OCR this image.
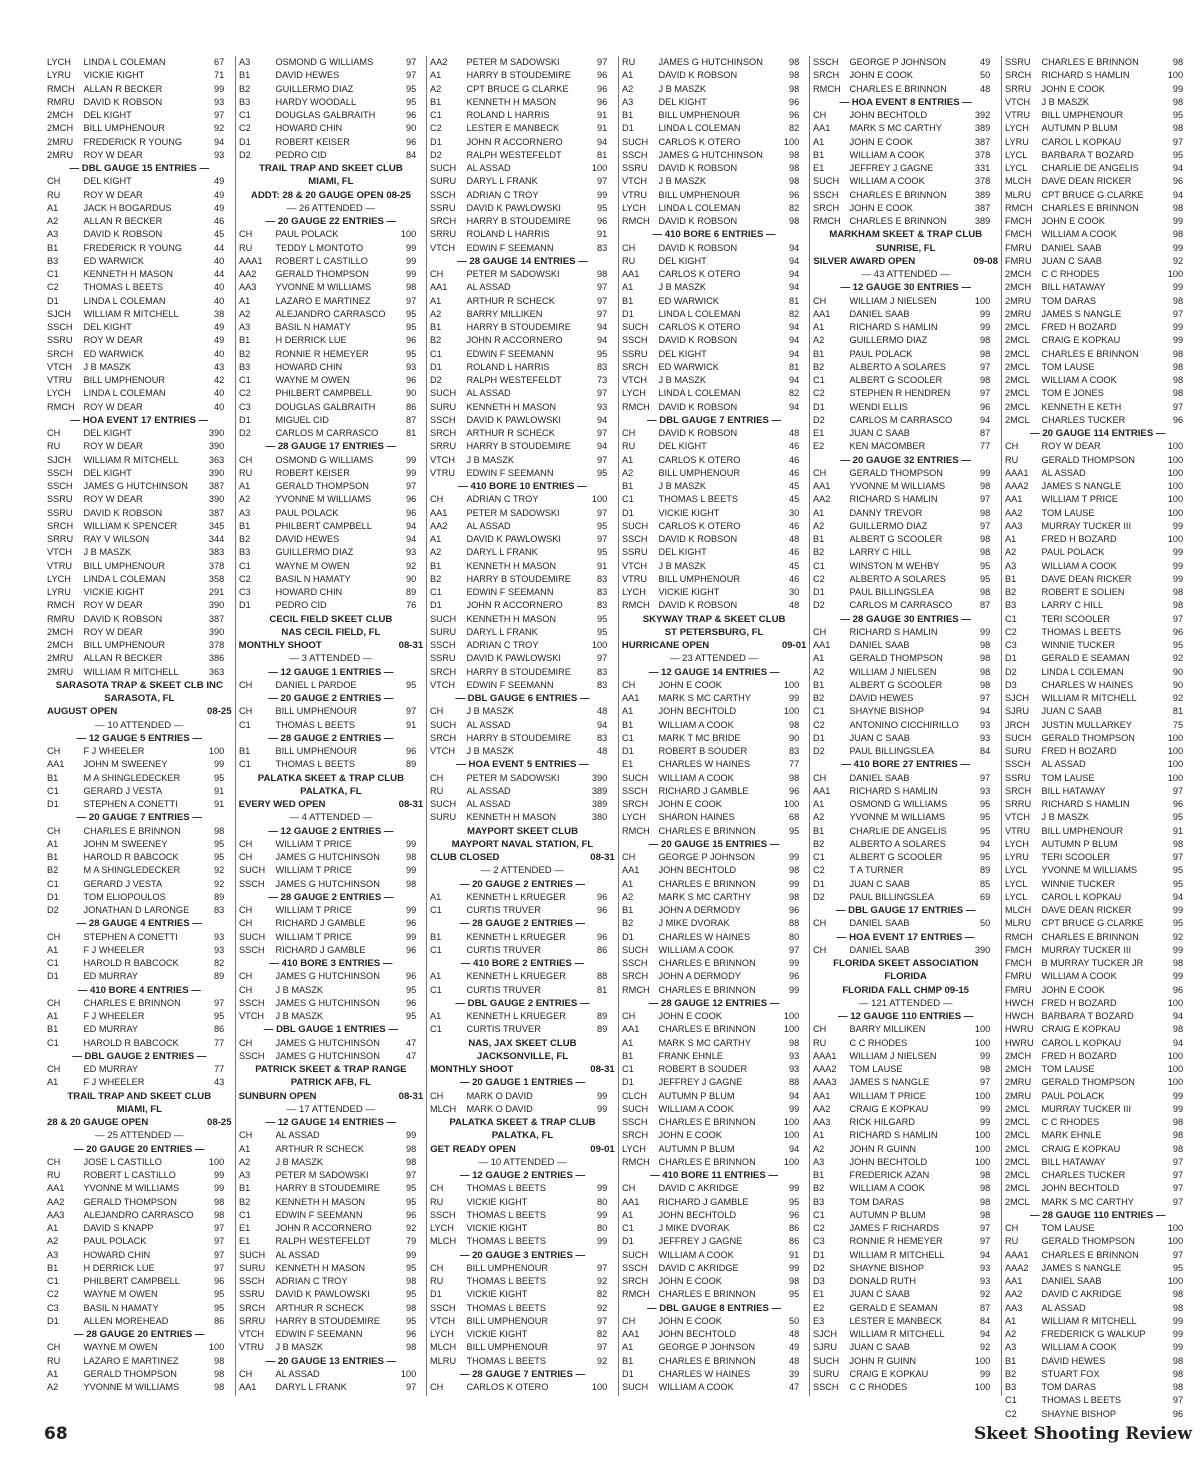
LYCH	LINDA L COLEMAN	67
LYRU	VICKIE KIGHT	71
RMCH ALLAN R BECKER	99
RMRU DAVID K ROBSON	93
2MCH	DEL KIGHT	97
2MCH	BILL UMPHENOUR	92
2MRU	FREDERICK R YOUNG	94
2MRU	ROY W DEAR	93
— DBL GAUGE 15 ENTRIES —
CH	DEL KIGHT	49
RU	ROY W DEAR	49
A1	JACK H BOGARDUS	49
A2	ALLAN R BECKER	46
A3	DAVID K ROBSON	45
B1	FREDERICK R YOUNG	44
B3	ED WARWICK	40
C1	KENNETH H MASON	44
C2	THOMAS L BEETS	40
D1	LINDA L COLEMAN	40
SJCH	WILLIAM R MITCHELL	38
SSCH	DEL KIGHT	49
SSRU	ROY W DEAR	49
SRCH	ED WARWICK	40
VTCH	J B MASZK	43
VTRU	BILL UMPHENOUR	42
LYCH	LINDA L COLEMAN	40
RMCH ROY W DEAR	40
— HOA EVENT 17 ENTRIES —
CH	DEL KIGHT	390
RU	ROY W DEAR	390
SJCH	WILLIAM R MITCHELL	363
SSCH	DEL KIGHT	390
SSCH	JAMES G HUTCHINSON	387
SSRU	ROY W DEAR	390
SSRU	DAVID K ROBSON	387
SRCH	WILLIAM K SPENCER	345
SRRU	RAY V WILSON	344
VTCH	J B MASZK	383
VTRU	BILL UMPHENOUR	378
LYCH	LINDA L COLEMAN	358
LYRU	VICKIE KIGHT	291
RMCH ROY W DEAR	390
RMRU DAVID K ROBSON	387
2MCH	ROY W DEAR	390
2MCH	BILL UMPHENOUR	378
2MRU	ALLAN R BECKER	386
2MRU	WILLIAM R MITCHELL	363
SARASOTA TRAP & SKEET CLB INC
SARASOTA, FL
AUGUST OPEN	08-25
— 10 ATTENDED —
— 12 GAUGE 5 ENTRIES —
CH	F J WHEELER	100
AA1	JOHN M SWEENEY	99
B1	M A SHINGLEDECKER	95
C1	GERARD J VESTA	91
D1	STEPHEN A CONETTI	91
— 20 GAUGE 7 ENTRIES —
CH	CHARLES E BRINNON	98
A1	JOHN M SWEENEY	95
B1	HAROLD R BABCOCK	95
B2	M A SHINGLEDECKER	92
C1	GERARD J VESTA	92
D1	TOM ELIOPOULOS	89
D2	JONATHAN D LARONGE	83
— 28 GAUGE 4 ENTRIES —
CH	STEPHEN A CONETTI	93
A1	F J WHEELER	93
C1	HAROLD R BABCOCK	82
D1	ED MURRAY	89
— 410 BORE 4 ENTRIES —
CH	CHARLES E BRINNON	97
A1	F J WHEELER	95
B1	ED MURRAY	86
C1	HAROLD R BABCOCK	77
— DBL GAUGE 2 ENTRIES —
CH	ED MURRAY	77
A1	F J WHEELER	43
TRAIL TRAP AND SKEET CLUB
MIAMI, FL
28 & 20 GAUGE OPEN	08-25
— 25 ATTENDED —
— 20 GAUGE 20 ENTRIES —
CH	JOSE L CASTILLO	100
RU	ROBERT L CASTILLO	99
AA1	YVONNE M WILLIAMS	99
AA2	GERALD THOMPSON	98
AA3	ALEJANDRO CARRASCO	98
A1	DAVID S KNAPP	97
A2	PAUL POLACK	97
A3	HOWARD CHIN	97
B1	H DERRICK LUE	97
C1	PHILBERT CAMPBELL	96
C2	WAYNE M OWEN	95
C3	BASIL N HAMATY	95
D1	ALLEN MOREHEAD	86
— 28 GAUGE 20 ENTRIES —
CH	WAYNE M OWEN	100
RU	LAZARO E MARTINEZ	98
A1	GERALD THOMPSON	98
A2	YVONNE M WILLIAMS	98
A3	OSMOND G WILLIAMS	97
B1	DAVID HEWES	97
B2	GUILLERMO DIAZ	95
B3	HARDY WOODALL	95
C1	DOUGLAS GALBRAITH	96
C2	HOWARD CHIN	90
D1	ROBERT KEISER	96
D2	PEDRO CID	84
TRAIL TRAP AND SKEET CLUB
MIAMI, FL
ADDT: 28 & 20 GAUGE OPEN 08-25
— 26 ATTENDED —
— 20 GAUGE 22 ENTRIES —
CH	PAUL POLACK	100
RU	TEDDY L MONTOTO	99
AAA1	ROBERT L CASTILLO	99
AA2	GERALD THOMPSON	99
AA3	YVONNE M WILLIAMS	98
A1	LAZARO E MARTINEZ	97
A2	ALEJANDRO CARRASCO	95
A3	BASIL N HAMATY	95
B1	H DERRICK LUE	96
B2	RONNIE R HEMEYER	95
B3	HOWARD CHIN	93
C1	WAYNE M OWEN	96
C2	PHILBERT CAMPBELL	90
C3	DOUGLAS GALBRAITH	86
D1	MIGUEL CID	87
D2	CARLOS M CARRASCO	81
— 28 GAUGE 17 ENTRIES —
CH	OSMOND G WILLIAMS	99
RU	ROBERT KEISER	99
A1	GERALD THOMPSON	97
A2	YVONNE M WILLIAMS	96
A3	PAUL POLACK	96
B1	PHILBERT CAMPBELL	94
B2	DAVID HEWES	94
B3	GUILLERMO DIAZ	93
C1	WAYNE M OWEN	92
C2	BASIL N HAMATY	90
C3	HOWARD CHIN	89
D1	PEDRO CID	76
CECIL FIELD SKEET CLUB
NAS CECIL FIELD, FL
MONTHLY SHOOT	08-31
— 3 ATTENDED —
— 12 GAUGE 1 ENTRIES —
CH	DANIEL L PARDOE	95
— 20 GAUGE 2 ENTRIES —
CH	BILL UMPHENOUR	97
C1	THOMAS L BEETS	91
— 28 GAUGE 2 ENTRIES —
B1	BILL UMPHENOUR	96
C1	THOMAS L BEETS	89
PALATKA SKEET & TRAP CLUB
PALATKA, FL
EVERY WED OPEN	08-31
— 4 ATTENDED —
— 12 GAUGE 2 ENTRIES —
CH	WILLIAM T PRICE	99
CH	JAMES G HUTCHINSON	98
SUCH	WILLIAM T PRICE	99
SSCH	JAMES G HUTCHINSON	98
— 28 GAUGE 2 ENTRIES —
CH	WILLIAM T PRICE	99
CH	RICHARD J GAMBLE	96
SUCH	WILLIAM T PRICE	99
SSCH	RICHARD J GAMBLE	96
— 410 BORE 3 ENTRIES —
CH	JAMES G HUTCHINSON	96
CH	J B MASZK	95
SSCH	JAMES G HUTCHINSON	96
VTCH	J B MASZK	95
— DBL GAUGE 1 ENTRIES —
CH	JAMES G HUTCHINSON	47
SSCH	JAMES G HUTCHINSON	47
PATRICK SKEET & TRAP RANGE
PATRICK AFB, FL
SUNBURN OPEN	08-31
— 17 ATTENDED —
— 12 GAUGE 14 ENTRIES —
CH	AL ASSAD	99
A1	ARTHUR R SCHECK	98
A2	J B MASZK	98
A3	PETER M SADOWSKI	97
B1	HARRY B STOUDEMIRE	95
B2	KENNETH H MASON	95
C1	EDWIN F SEEMANN	96
E1	JOHN R ACCORNERO	92
E1	RALPH WESTEFELDT	79
SUCH	AL ASSAD	99
SURU	KENNETH H MASON	95
SSCH	ADRIAN C TROY	98
SSRU	DAVID K PAWLOWSKI	95
SRCH	ARTHUR R SCHECK	98
SRRU	HARRY B STOUDEMIRE	95
VTCH	EDWIN F SEEMANN	96
VTRU	J B MASZK	98
— 20 GAUGE 13 ENTRIES —
CH	AL ASSAD	100
AA1	DARYL L FRANK	97
AA2	PETER M SADOWSKI	97
A1	HARRY B STOUDEMIRE	96
A2	CPT BRUCE G CLARKE	96
B1	KENNETH H MASON	96
C1	ROLAND L HARRIS	91
C2	LESTER E MANBECK	91
D1	JOHN R ACCORNERO	94
D2	RALPH WESTEFELDT	81
SUCH	AL ASSAD	100
SURU	DARYL L FRANK	97
SSCH	ADRIAN C TROY	99
SSRU	DAVID K PAWLOWSKI	95
SRCH	HARRY B STOUDEMIRE	96
SRRU	ROLAND L HARRIS	91
VTCH	EDWIN F SEEMANN	83
— 28 GAUGE 14 ENTRIES —
CH	PETER M SADOWSKI	98
AA1	AL ASSAD	97
A1	ARTHUR R SCHECK	97
A2	BARRY MILLIKEN	97
B1	HARRY B STOUDEMIRE	94
B2	JOHN R ACCORNERO	94
C1	EDWIN F SEEMANN	95
D1	ROLAND L HARRIS	83
D2	RALPH WESTEFELDT	73
SUCH	AL ASSAD	97
SURU	KENNETH H MASON	93
SSCH	DAVID K PAWLOWSKI	94
SRCH	ARTHUR R SCHECK	97
SRRU	HARRY B STOUDEMIRE	94
VTCH	J B MASZK	97
VTRU	EDWIN F SEEMANN	95
— 410 BORE 10 ENTRIES —
CH	ADRIAN C TROY	100
AA1	PETER M SADOWSKI	97
AA2	AL ASSAD	95
A1	DAVID K PAWLOWSKI	97
A2	DARYL L FRANK	95
B1	KENNETH H MASON	91
B2	HARRY B STOUDEMIRE	83
C1	EDWIN F SEEMANN	83
D1	JOHN R ACCORNERO	83
SUCH	KENNETH H MASON	95
SURU	DARYL L FRANK	95
SSCH	ADRIAN C TROY	100
SSRU	DAVID K PAWLOWSKI	97
SRCH	HARRY B STOUDEMIRE	83
VTCH	EDWIN F SEEMANN	83
— DBL GAUGE 6 ENTRIES —
CH	J B MASZK	48
SUCH	AL ASSAD	94
SRCH	HARRY B STOUDEMIRE	83
VTCH	J B MASZK	48
— HOA EVENT 5 ENTRIES —
CH	PETER M SADOWSKI	390
RU	AL ASSAD	389
SUCH	AL ASSAD	389
SURU	KENNETH H MASON	380
MAYPORT SKEET CLUB
MAYPORT NAVAL STATION, FL
CLUB CLOSED	08-31
— 2 ATTENDED —
— 20 GAUGE 2 ENTRIES —
A1	KENNETH L KRUEGER	96
C1	CURTIS TRUVER	96
— 28 GAUGE 2 ENTRIES —
B1	KENNETH L KRUEGER	96
C1	CURTIS TRUVER	86
— 410 BORE 2 ENTRIES —
A1	KENNETH L KRUEGER	88
C1	CURTIS TRUVER	81
— DBL GAUGE 2 ENTRIES —
A1	KENNETH L KRUEGER	89
C1	CURTIS TRUVER	89
NAS, JAX SKEET CLUB
JACKSONVILLE, FL
MONTHLY SHOOT	08-31
— 20 GAUGE 1 ENTRIES —
CH	MARK O DAVID	99
MLCH	MARK O DAVID	99
PALATKA SKEET & TRAP CLUB
PALATKA, FL
GET READY OPEN	09-01
— 10 ATTENDED —
— 12 GAUGE 2 ENTRIES —
CH	THOMAS L BEETS	99
RU	VICKIE KIGHT	80
SSCH	THOMAS L BEETS	99
LYCH	VICKIE KIGHT	80
MLCH	THOMAS L BEETS	99
— 20 GAUGE 3 ENTRIES —
CH	BILL UMPHENOUR	97
RU	THOMAS L BEETS	92
D1	VICKIE KIGHT	82
SSCH	THOMAS L BEETS	92
VTCH	BILL UMPHENOUR	97
LYCH	VICKIE KIGHT	82
MLCH	BILL UMPHENOUR	97
MLRU	THOMAS L BEETS	92
— 28 GAUGE 7 ENTRIES —
CH	CARLOS K OTERO	100
RU	JAMES G HUTCHINSON	98
A1	DAVID K ROBSON	98
A2	J B MASZK	98
A3	DEL KIGHT	96
B1	BILL UMPHENOUR	96
D1	LINDA L COLEMAN	82
SUCH	CARLOS K OTERO	100
SSCH	JAMES G HUTCHINSON	98
SSRU	DAVID K ROBSON	98
VTCH	J B MASZK	98
VTRU	BILL UMPHENOUR	96
LYCH	LINDA L COLEMAN	82
RMCH DAVID K ROBSON	98
— 410 BORE 6 ENTRIES —
CH	DAVID K ROBSON	94
RU	DEL KIGHT	94
AA1	CARLOS K OTERO	94
A1	J B MASZK	94
B1	ED WARWICK	81
D1	LINDA L COLEMAN	82
SUCH	CARLOS K OTERO	94
SSCH	DAVID K ROBSON	94
SSRU	DEL KIGHT	94
SRCH	ED WARWICK	81
VTCH	J B MASZK	94
LYCH	LINDA L COLEMAN	82
RMCH DAVID K ROBSON	94
— DBL GAUGE 7 ENTRIES —
CH	DAVID K ROBSON	48
RU	DEL KIGHT	46
A1	CARLOS K OTERO	46
A2	BILL UMPHENOUR	46
B1	J B MASZK	45
C1	THOMAS L BEETS	45
D1	VICKIE KIGHT	30
SUCH	CARLOS K OTERO	46
SSCH	DAVID K ROBSON	48
SSRU	DEL KIGHT	46
VTCH	J B MASZK	45
VTRU	BILL UMPHENOUR	46
LYCH	VICKIE KIGHT	30
RMCH DAVID K ROBSON	48
SKYWAY TRAP & SKEET CLUB
ST PETERSBURG, FL
HURRICANE OPEN	09-01
— 23 ATTENDED —
— 12 GAUGE 14 ENTRIES —
CH	JOHN E COOK	100
AA1	MARK S MC CARTHY	99
A1	JOHN BECHTOLD	100
B1	WILLIAM A COOK	98
C1	MARK T MC BRIDE	90
D1	ROBERT B SOUDER	83
E1	CHARLES W HAINES	77
SUCH	WILLIAM A COOK	98
SSCH	RICHARD J GAMBLE	96
SRCH	JOHN E COOK	100
LYCH	SHARON HAINES	68
RMCH CHARLES E BRINNON	95
— 20 GAUGE 15 ENTRIES —
CH	GEORGE P JOHNSON	99
AA1	JOHN BECHTOLD	98
A1	CHARLES E BRINNON	99
A2	MARK S MC CARTHY	98
B1	JOHN A DERMODY	96
B2	J MIKE DVORAK	88
D1	CHARLES W HAINES	80
SUCH	WILLIAM A COOK	97
SSCH	CHARLES E BRINNON	99
SRCH	JOHN A DERMODY	96
RMCH CHARLES E BRINNON	99
— 28 GAUGE 12 ENTRIES —
CH	JOHN E COOK	100
AA1	CHARLES E BRINNON	100
A1	MARK S MC CARTHY	98
B1	FRANK EHNLE	93
C1	ROBERT B SOUDER	93
D1	JEFFREY J GAGNE	88
CLCH	AUTUMN P BLUM	94
SUCH	WILLIAM A COOK	99
SSCH	CHARLES E BRINNON	100
SRCH	JOHN E COOK	100
LYCH	AUTUMN P BLUM	94
RMCH CHARLES E BRINNON	100
— 410 BORE 11 ENTRIES —
CH	DAVID C AKRIDGE	99
AA1	RICHARD J GAMBLE	95
A1	JOHN BECHTOLD	96
C1	J MIKE DVORAK	86
D1	JEFFREY J GAGNE	86
SUCH	WILLIAM A COOK	91
SSCH	DAVID C AKRIDGE	99
SRCH	JOHN E COOK	98
RMCH CHARLES E BRINNON	95
— DBL GAUGE 8 ENTRIES —
CH	JOHN E COOK	50
AA1	JOHN BECHTOLD	48
A1	GEORGE P JOHNSON	49
B1	CHARLES E BRINNON	48
D1	CHARLES W HAINES	39
SUCH	WILLIAM A COOK	47
SSCH	GEORGE P JOHNSON	49
SRCH	JOHN E COOK	50
RMCH CHARLES E BRINNON	48
— HOA EVENT 8 ENTRIES —
CH	JOHN BECHTOLD	392
AA1	MARK S MC CARTHY	389
A1	JOHN E COOK	387
B1	WILLIAM A COOK	378
E1	JEFFREY J GAGNE	331
SUCH	WILLIAM A COOK	378
SSCH	CHARLES E BRINNON	389
SRCH	JOHN E COOK	387
RMCH CHARLES E BRINNON	389
MARKHAM SKEET & TRAP CLUB
SUNRISE, FL
SILVER AWARD OPEN	09-08
— 43 ATTENDED —
— 12 GAUGE 30 ENTRIES —
CH	WILLIAM J NIELSEN	100
AA1	DANIEL SAAB	99
A1	RICHARD S HAMLIN	99
A2	GUILLERMO DIAZ	98
B1	PAUL POLACK	98
B2	ALBERTO A SOLARES	97
C1	ALBERT G SCOOLER	98
C2	STEPHEN R HENDREN	97
D1	WENDI ELLIS	96
D2	CARLOS M CARRASCO	94
E1	JUAN C SAAB	87
E2	KEN MACOMBER	77
— 20 GAUGE 32 ENTRIES —
CH	GERALD THOMPSON	99
AA1	YVONNE M WILLIAMS	98
AA2	RICHARD S HAMLIN	97
A1	DANNY TREVOR	98
A2	GUILLERMO DIAZ	97
B1	ALBERT G SCOOLER	98
B2	LARRY C HILL	98
C1	WINSTON M WEHBY	95
C2	ALBERTO A SOLARES	95
D1	PAUL BILLINGSLEA	98
D2	CARLOS M CARRASCO	87
— 28 GAUGE 30 ENTRIES —
CH	RICHARD S HAMLIN	99
AA1	DANIEL SAAB	98
A1	GERALD THOMPSON	98
A2	WILLIAM J NIELSEN	98
B1	ALBERT G SCOOLER	98
B2	DAVID HEWES	97
C1	SHAYNE BISHOP	94
C2	ANTONINO CICCHIRILLO	93
D1	JUAN C SAAB	93
D2	PAUL BILLINGSLEA	84
— 410 BORE 27 ENTRIES —
CH	DANIEL SAAB	97
AA1	RICHARD S HAMLIN	93
A1	OSMOND G WILLIAMS	95
A2	YVONNE M WILLIAMS	95
B1	CHARLIE DE ANGELIS	95
B2	ALBERTO A SOLARES	94
C1	ALBERT G SCOOLER	95
C2	T A TURNER	89
D1	JUAN C SAAB	85
D2	PAUL BILLINGSLEA	69
— DBL GAUGE 17 ENTRIES —
CH	DANIEL SAAB	50
— HOA EVENT 17 ENTRIES —
CH	DANIEL SAAB	390
FLORIDA SKEET ASSOCIATION
FLORIDA
FLORIDA FALL CHMP 09-15
— 121 ATTENDED —
— 12 GAUGE 110 ENTRIES —
CH	BARRY MILLIKEN	100
RU	C C RHODES	100
AAA1	WILLIAM J NIELSEN	99
AAA2	TOM LAUSE	98
AAA3	JAMES S NANGLE	97
AA1	WILLIAM T PRICE	100
AA2	CRAIG E KOPKAU	99
AA3	RICK HILGARD	99
A1	RICHARD S HAMLIN	100
A2	JOHN R GUINN	100
A3	JOHN BECHTOLD	100
B1	FREDERICK AZAN	98
B2	WILLIAM A COOK	98
B3	TOM DARAS	98
C1	AUTUMN P BLUM	98
C2	JAMES F RICHARDS	97
C3	RONNIE R HEMEYER	97
D1	WILLIAM R MITCHELL	94
D2	SHAYNE BISHOP	93
D3	DONALD RUTH	93
E1	JUAN C SAAB	92
E2	GERALD E SEAMAN	87
E3	LESTER E MANBECK	84
SJCH	WILLIAM R MITCHELL	94
SJRU	JUAN C SAAB	92
SUCH	JOHN R GUINN	100
SURU	CRAIG E KOPKAU	99
SSCH	C C RHODES	100
SSRU	CHARLES E BRINNON	98
SRCH	RICHARD S HAMLIN	100
SRRU	JOHN E COOK	99
VTCH	J B MASZK	98
VTRU	BILL UMPHENOUR	95
LYCH	AUTUMN P BLUM	98
LYRU	CAROL L KOPKAU	97
LYCL	BARBARA T BOZARD	95
LYCL	CHARLIE DE ANGELIS	94
MLCH	DAVE DEAN RICKER	96
MLRU	CPT BRUCE G CLARKE	94
RMCH CHARLES E BRINNON	98
FMCH	JOHN E COOK	99
FMCH	WILLIAM A COOK	98
FMRU	DANIEL SAAB	99
FMRU	JUAN C SAAB	92
2MCH	C C RHODES	100
2MCH	BILL HATAWAY	99
2MRU	TOM DARAS	98
2MRU	JAMES S NANGLE	97
2MCL	FRED H BOZARD	99
2MCL	CRAIG E KOPKAU	99
2MCL	CHARLES E BRINNON	98
2MCL	TOM LAUSE	98
2MCL	WILLIAM A COOK	98
2MCL	TOM E JONES	98
2MCL	KENNETH E KETH	97
2MCL	CHARLES TUCKER	96
— 20 GAUGE 114 ENTRIES —
CH	ROY W DEAR	100
RU	GERALD THOMPSON	100
AAA1	AL ASSAD	100
AAA2	JAMES S NANGLE	100
AA1	WILLIAM T PRICE	100
AA2	TOM LAUSE	100
AA3	MURRAY TUCKER III	99
A1	FRED H BOZARD	100
A2	PAUL POLACK	99
A3	WILLIAM A COOK	99
B1	DAVE DEAN RICKER	99
B2	ROBERT E SOLIEN	98
B3	LARRY C HILL	98
C1	TERI SCOOLER	97
C2	THOMAS L BEETS	96
C3	WINNIE TUCKER	95
D1	GERALD E SEAMAN	92
D2	LINDA L COLEMAN	90
D3	CHARLES W HAINES	90
SJCH	WILLIAM R MITCHELL	92
SJRU	JUAN C SAAB	81
JRCH	JUSTIN MULLARKEY	75
SUCH	GERALD THOMPSON	100
SURU	FRED H BOZARD	100
SSCH	AL ASSAD	100
SSRU	TOM LAUSE	100
SRCH	BILL HATAWAY	97
SRRU	RICHARD S HAMLIN	96
VTCH	J B MASZK	95
VTRU	BILL UMPHENOUR	91
LYCH	AUTUMN P BLUM	98
LYRU	TERI SCOOLER	97
LYCL	YVONNE M WILLIAMS	95
LYCL	WINNIE TUCKER	95
LYCL	CAROL L KOPKAU	94
MLCH	DAVE DEAN RICKER	99
MLRU	CPT BRUCE G CLARKE	95
RMCH CHARLES E BRINNON	92
FMCH	MURRAY TUCKER III	99
FMCH	B MURRAY TUCKER JR	98
FMRU	WILLIAM A COOK	99
FMRU	JOHN E COOK	96
HWCH FRED H BOZARD	100
HWCH BARBARA T BOZARD	94
HWRU CRAIG E KOPKAU	98
HWRU CAROL L KOPKAU	94
2MCH	FRED H BOZARD	100
2MCH	TOM LAUSE	100
2MRU	GERALD THOMPSON	100
2MRU	PAUL POLACK	99
2MCL	MURRAY TUCKER III	99
2MCL	C C RHODES	98
2MCL	MARK EHNLE	98
2MCL	CRAIG E KOPKAU	98
2MCL	BILL HATAWAY	97
2MCL	CHARLES TUCKER	97
2MCL	JOHN BECHTOLD	97
2MCL	MARK S MC CARTHY	97
— 28 GAUGE 110 ENTRIES —
CH	TOM LAUSE	100
RU	GERALD THOMPSON	100
AAA1	CHARLES E BRINNON	97
AAA2	JAMES S NANGLE	95
AA1	DANIEL SAAB	100
AA2	DAVID C AKRIDGE	98
AA3	AL ASSAD	98
A1	WILLIAM R MITCHELL	99
A2	FREDERICK G WALKUP	99
A3	WILLIAM A COOK	99
B1	DAVID HEWES	98
B2	STUART FOX	98
B3	TOM DARAS	98
C1	THOMAS L BEETS	97
C2	SHAYNE BISHOP	96
68	Skeet Shooting Review
